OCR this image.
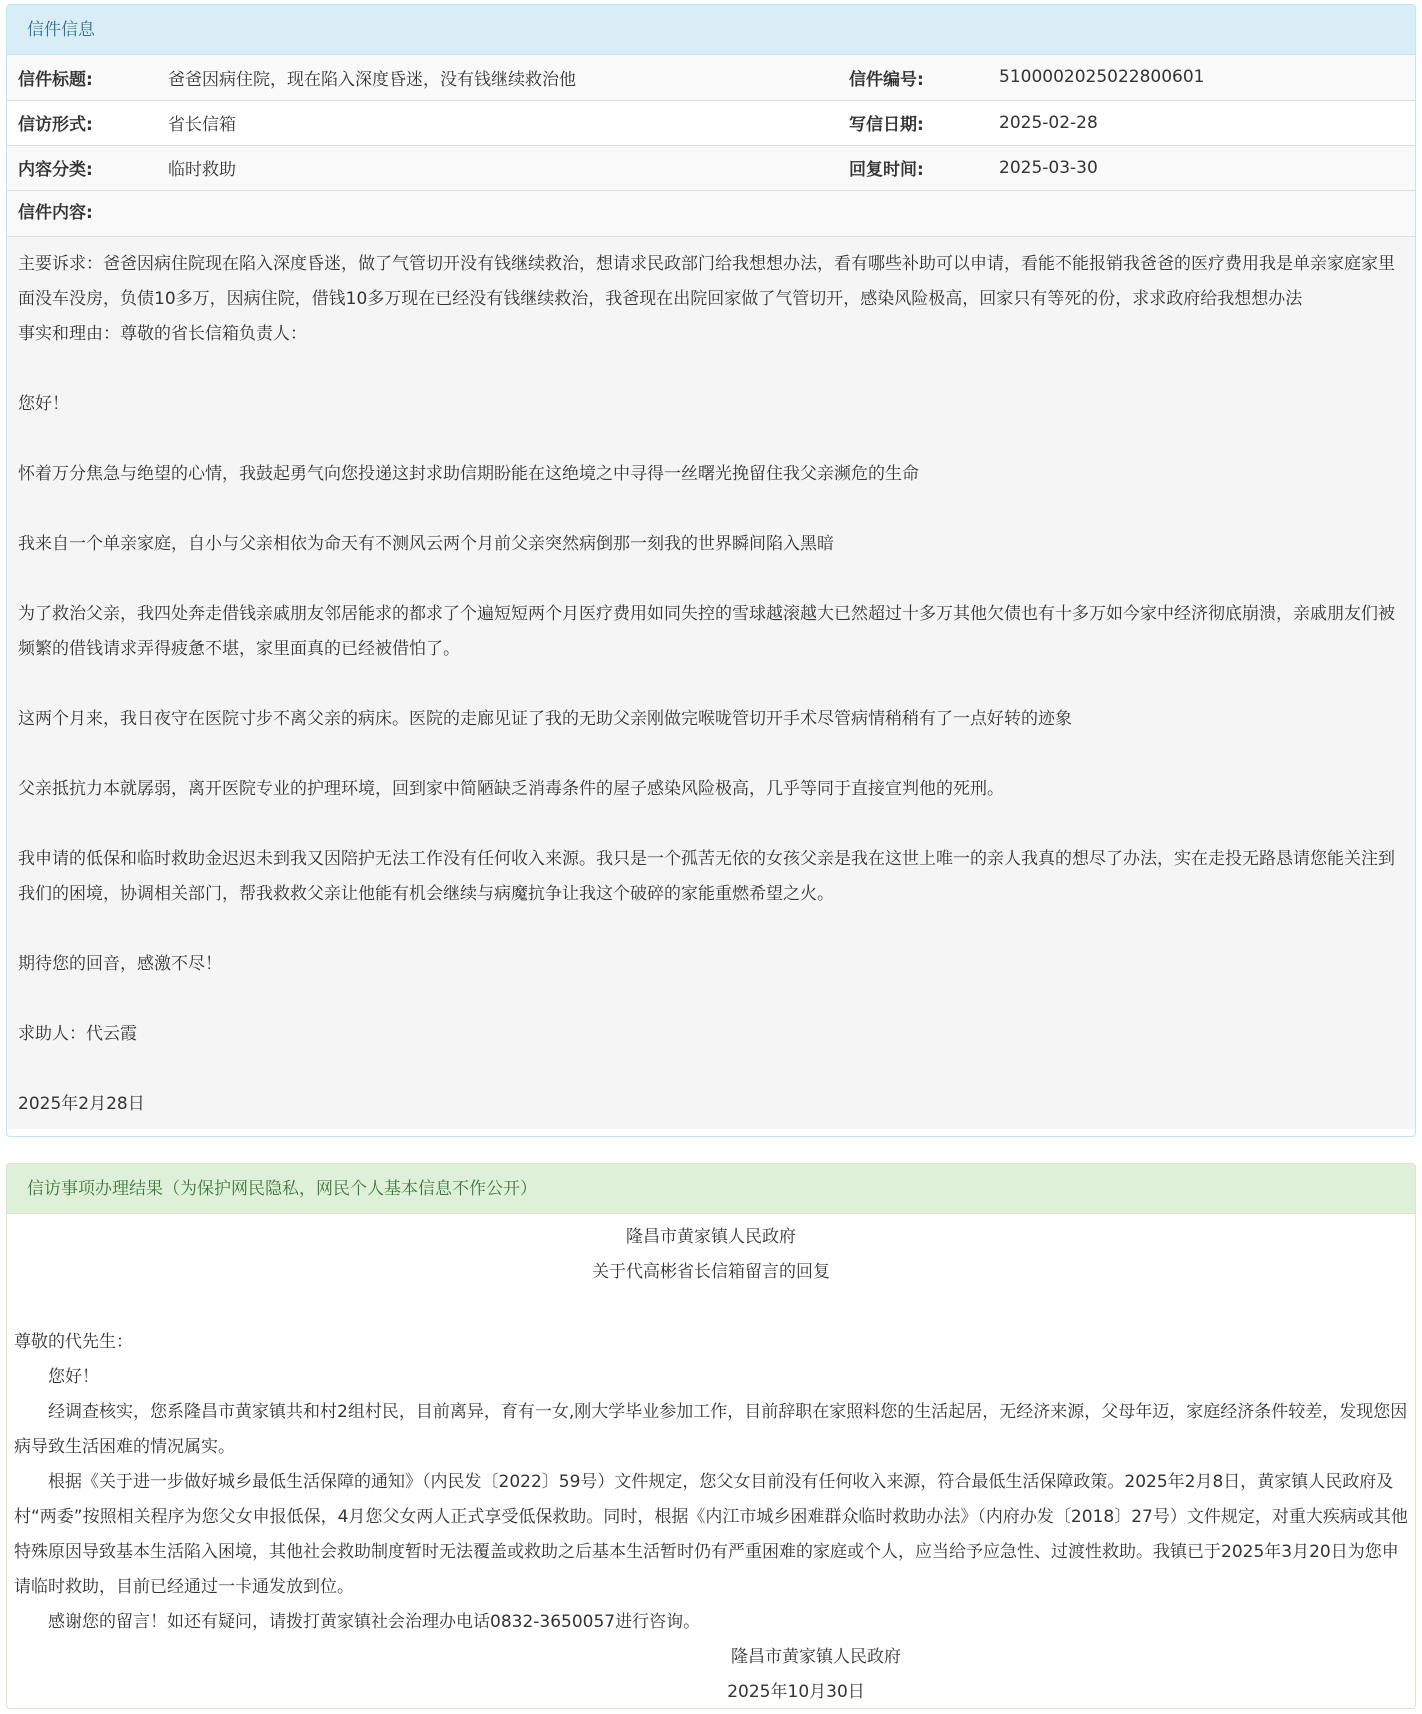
信件信息
信件标题:	爸爸因病住院，现在陷入深度昏迷，没有钱继续救治他	信件编号:	5100002025022800601
信访形式:	省长信箱	写信日期:	2025-02-28
内容分类:	临时救助	回复时间:	2025-03-30
信件内容:

主要诉求：爸爸因病住院现在陷入深度昏迷，做了气管切开没有钱继续救治，想请求民政部门给我想想办法，看有哪些补助可以申请，看能不能报销我爸爸的医疗费用我是单亲家庭家里面没车没房，负债10多万，因病住院，借钱10多万现在已经没有钱继续救治，我爸现在出院回家做了气管切开，感染风险极高，回家只有等死的份，求求政府给我想想办法

事实和理由：尊敬的省长信箱负责人：

您好！

怀着万分焦急与绝望的心情，我鼓起勇气向您投递这封求助信期盼能在这绝境之中寻得一丝曙光挽留住我父亲濒危的生命

我来自一个单亲家庭，自小与父亲相依为命天有不测风云两个月前父亲突然病倒那一刻我的世界瞬间陷入黑暗

为了救治父亲，我四处奔走借钱亲戚朋友邻居能求的都求了个遍短短两个月医疗费用如同失控的雪球越滚越大已然超过十多万其他欠债也有十多万如今家中经济彻底崩溃，亲戚朋友们被频繁的借钱请求弄得疲惫不堪，家里面真的已经被借怕了。

这两个月来，我日夜守在医院寸步不离父亲的病床。医院的走廊见证了我的无助父亲刚做完喉咙管切开手术尽管病情稍稍有了一点好转的迹象

父亲抵抗力本就孱弱，离开医院专业的护理环境，回到家中简陋缺乏消毒条件的屋子感染风险极高，几乎等同于直接宣判他的死刑。

我申请的低保和临时救助金迟迟未到我又因陪护无法工作没有任何收入来源。我只是一个孤苦无依的女孩父亲是我在这世上唯一的亲人我真的想尽了办法，实在走投无路恳请您能关注到我们的困境，协调相关部门，帮我救救父亲让他能有机会继续与病魔抗争让我这个破碎的家能重燃希望之火。

期待您的回音，感激不尽！

求助人：代云霞

2025年2月28日

信访事项办理结果（为保护网民隐私，网民个人基本信息不作公开）

隆昌市黄家镇人民政府

关于代高彬省长信箱留言的回复

尊敬的代先生：

您好！

经调查核实，您系隆昌市黄家镇共和村2组村民，目前离异，育有一女,刚大学毕业参加工作，目前辞职在家照料您的生活起居，无经济来源，父母年迈，家庭经济条件较差，发现您因病导致生活困难的情况属实。

根据《关于进一步做好城乡最低生活保障的通知》（内民发〔2022〕59号）文件规定，您父女目前没有任何收入来源，符合最低生活保障政策。2025年2月8日，黄家镇人民政府及村“两委”按照相关程序为您父女申报低保，4月您父女两人正式享受低保救助。同时，根据《内江市城乡困难群众临时救助办法》（内府办发〔2018〕27号）文件规定，对重大疾病或其他特殊原因导致基本生活陷入困境，其他社会救助制度暂时无法覆盖或救助之后基本生活暂时仍有严重困难的家庭或个人，应当给予应急性、过渡性救助。我镇已于2025年3月20日为您申请临时救助，目前已经通过一卡通发放到位。

感谢您的留言！如还有疑问，请拨打黄家镇社会治理办电话0832-3650057进行咨询。

隆昌市黄家镇人民政府

2025年10月30日
